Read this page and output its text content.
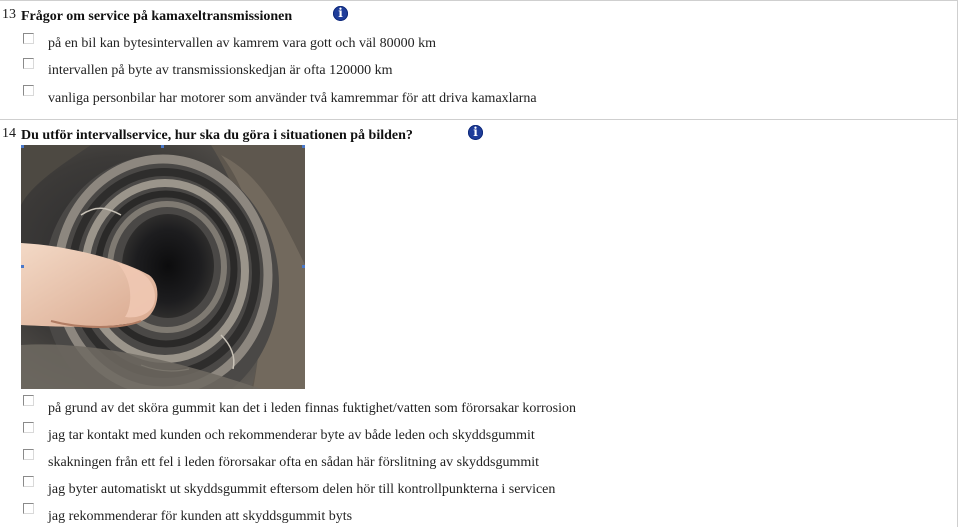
13 Frågor om service på kamaxeltransmissionen	i
på en bil kan bytesintervallen av kamrem vara gott och väl 80000 km
intervallen på byte av transmissionskedjan är ofta 120000 km
vanliga personbilar har motorer som använder två kamremmar för att driva kamaxlarna
14 Du utför intervallservice, hur ska du göra i situationen på bilden?	i
på grund av det sköra gummit kan det i leden finnas fuktighet/vatten som förorsakar korrosion
jag tar kontakt med kunden och rekommenderar byte av både leden och skyddsgummit
skakningen från ett fel i leden förorsakar ofta en sådan här förslitning av skyddsgummit
jag byter automatiskt ut skyddsgummit eftersom delen hör till kontrollpunkterna i servicen
jag rekommenderar för kunden att skyddsgummit byts
